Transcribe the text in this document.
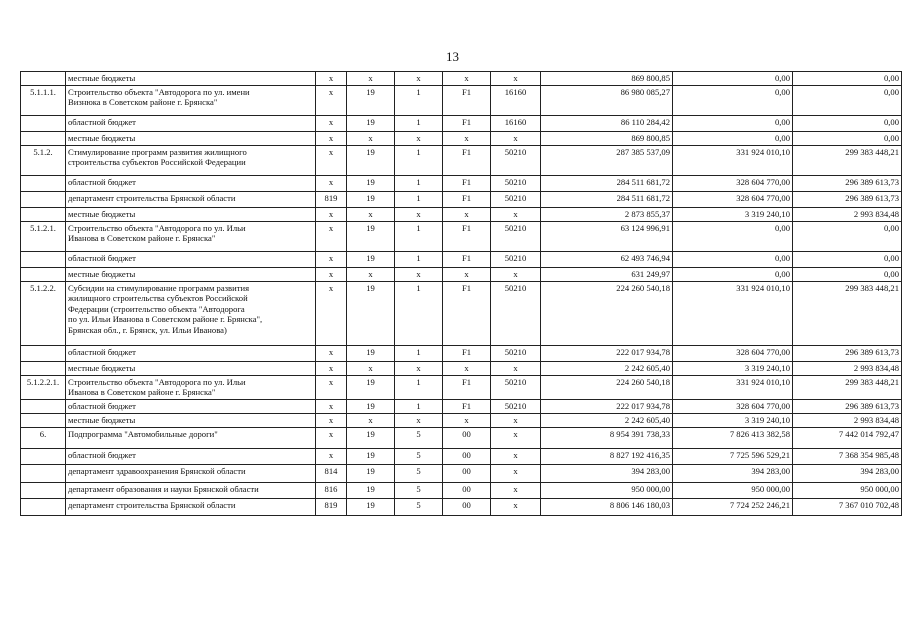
13

	местные бюджеты	х	х	х	х	х	869 800,85	0,00	0,00
5.1.1.1.	Строительство объекта "Автодорога по ул. имени
Визнюка в Советском районе г. Брянска"	х	19	1	F1	16160	86 980 085,27	0,00	0,00

	областной бюджет	х	19	1	F1	16160	86 110 284,42	0,00	0,00

	местные бюджеты	х	х	х	х	х	869 800,85	0,00	0,00
5.1.2.	Стимулирование программ развития жилищного
строительства субъектов Российской Федерации	х	19	1	F1	50210	287 385 537,09	331 924 010,10	299 383 448,21

	областной бюджет	х	19	1	F1	50210	284 511 681,72	328 604 770,00	296 389 613,73

	департамент строительства Брянской области	819	19	1	F1	50210	284 511 681,72	328 604 770,00	296 389 613,73

	местные бюджеты	х	х	х	х	х	2 873 855,37	3 319 240,10	2 993 834,48
5.1.2.1.	Строительство объекта "Автодорога по ул. Ильи
Иванова в Советском районе г. Брянска"	х	19	1	F1	50210	63 124 996,91	0,00	0,00

	областной бюджет	х	19	1	F1	50210	62 493 746,94	0,00	0,00

	местные бюджеты	х	х	х	х	х	631 249,97	0,00	0,00
5.1.2.2.	Субсидии на стимулирование программ развития
жилищного строительства субъектов Российской
Федерации (строительство объекта "Автодорога
по ул. Ильи Иванова в Советском районе г. Брянска",
Брянская обл., г. Брянск, ул. Ильи Иванова)	х	19	1	F1	50210	224 260 540,18	331 924 010,10	299 383 448,21

	областной бюджет	х	19	1	F1	50210	222 017 934,78	328 604 770,00	296 389 613,73

	местные бюджеты	х	х	х	х	х	2 242 605,40	3 319 240,10	2 993 834,48
5.1.2.2.1.	Строительство объекта "Автодорога по ул. Ильи
Иванова в Советском районе г. Брянска"	х	19	1	F1	50210	224 260 540,18	331 924 010,10	299 383 448,21

	областной бюджет	х	19	1	F1	50210	222 017 934,78	328 604 770,00	296 389 613,73

	местные бюджеты	х	х	х	х	х	2 242 605,40	3 319 240,10	2 993 834,48
6.	Подпрограмма "Автомобильные дороги"	х	19	5	00	х	8 954 391 738,33	7 826 413 382,58	7 442 014 792,47

	областной бюджет	х	19	5	00	х	8 827 192 416,35	7 725 596 529,21	7 368 354 985,48

	департамент здравоохранения Брянской области	814	19	5	00	х	394 283,00	394 283,00	394 283,00

	департамент образования и науки Брянской области	816	19	5	00	х	950 000,00	950 000,00	950 000,00

	департамент строительства Брянской области	819	19	5	00	х	8 806 146 180,03	7 724 252 246,21	7 367 010 702,48
